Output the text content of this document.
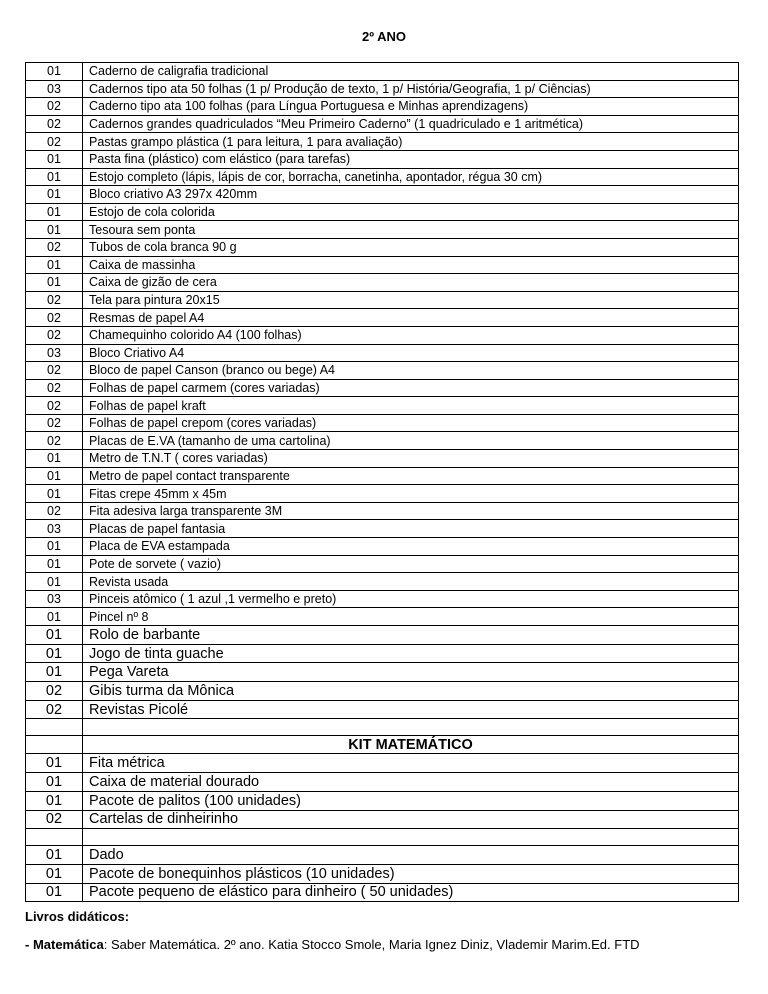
2º ANO
01	Caderno de caligrafia tradicional
03	Cadernos tipo ata 50 folhas (1 p/ Produção de texto, 1 p/ História/Geografia, 1 p/ Ciências)
02	Caderno tipo ata 100 folhas (para Língua Portuguesa e Minhas aprendizagens)
02	Cadernos grandes quadriculados “Meu Primeiro Caderno” (1 quadriculado e 1 aritmética)
02	Pastas grampo plástica (1 para leitura, 1 para avaliação)
01	Pasta fina (plástico) com elástico (para tarefas)
01	Estojo completo (lápis, lápis de cor, borracha, canetinha, apontador, régua 30 cm)
01	Bloco criativo A3 297x 420mm
01	Estojo de cola colorida
01	Tesoura sem ponta
02	Tubos de cola branca 90 g
01	Caixa de massinha
01	Caixa de gizão de cera
02	Tela para pintura 20x15
02	Resmas de papel A4
02	Chamequinho colorido A4 (100 folhas)
03	Bloco Criativo A4
02	Bloco de papel Canson (branco ou bege) A4
02	Folhas de papel carmem (cores variadas)
02	Folhas de papel kraft
02	Folhas de papel crepom (cores variadas)
02	Placas de E.VA (tamanho de uma cartolina)
01	Metro de T.N.T ( cores variadas)
01	Metro de papel contact transparente
01	Fitas crepe 45mm x 45m
02	Fita adesiva larga transparente 3M
03	Placas de papel fantasia
01	Placa de EVA estampada
01	Pote de sorvete ( vazio)
01	Revista usada
03	Pinceis atômico ( 1 azul ,1 vermelho e preto)
01	Pincel nº 8
01	Rolo de barbante
01	Jogo de tinta guache
01	Pega Vareta
02	Gibis turma da Mônica
02	Revistas Picolé

	KIT MATEMÁTICO
01	Fita métrica
01	Caixa de material dourado
01	Pacote de palitos (100 unidades)
02	Cartelas de dinheirinho

01	Dado
01	Pacote de bonequinhos plásticos (10 unidades)
01	Pacote pequeno de elástico para dinheiro ( 50 unidades)
Livros didáticos:
- Matemática: Saber Matemática. 2º ano. Katia Stocco Smole, Maria Ignez Diniz, Vlademir Marim.Ed. FTD
